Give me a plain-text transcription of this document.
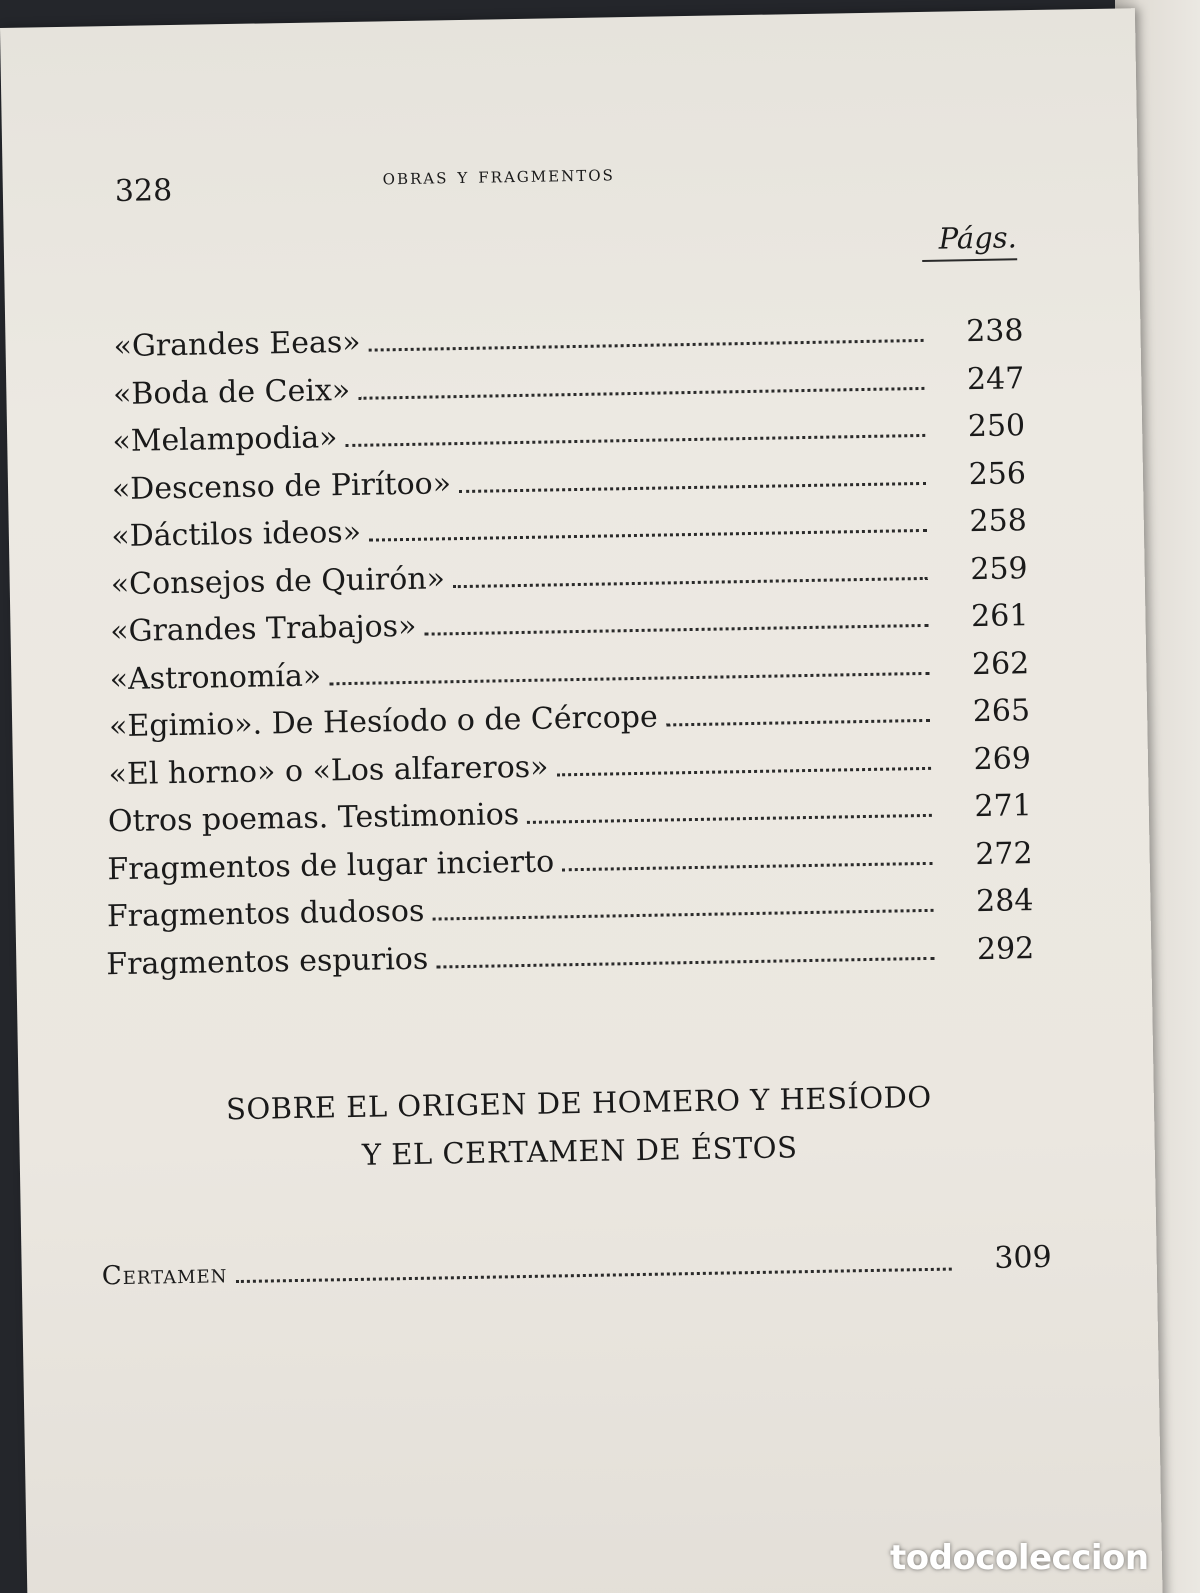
328	obras y fragmentos
Págs.
«Grandes Eeas»	238
«Boda de Ceix»	247
«Melampodia»	250
«Descenso de Pirítoo»	256
«Dáctilos ideos»	258
«Consejos de Quirón»	259
«Grandes Trabajos»	261
«Astronomía»	262
«Egimio». De Hesíodo o de Cércope	265
«El horno» o «Los alfareros»	269
Otros poemas. Testimonios	271
Fragmentos de lugar incierto	272
Fragmentos dudosos	284
Fragmentos espurios	292
SOBRE EL ORIGEN DE HOMERO Y HESÍODO
Y EL CERTAMEN DE ÉSTOS
Certamen	309
todocoleccion
